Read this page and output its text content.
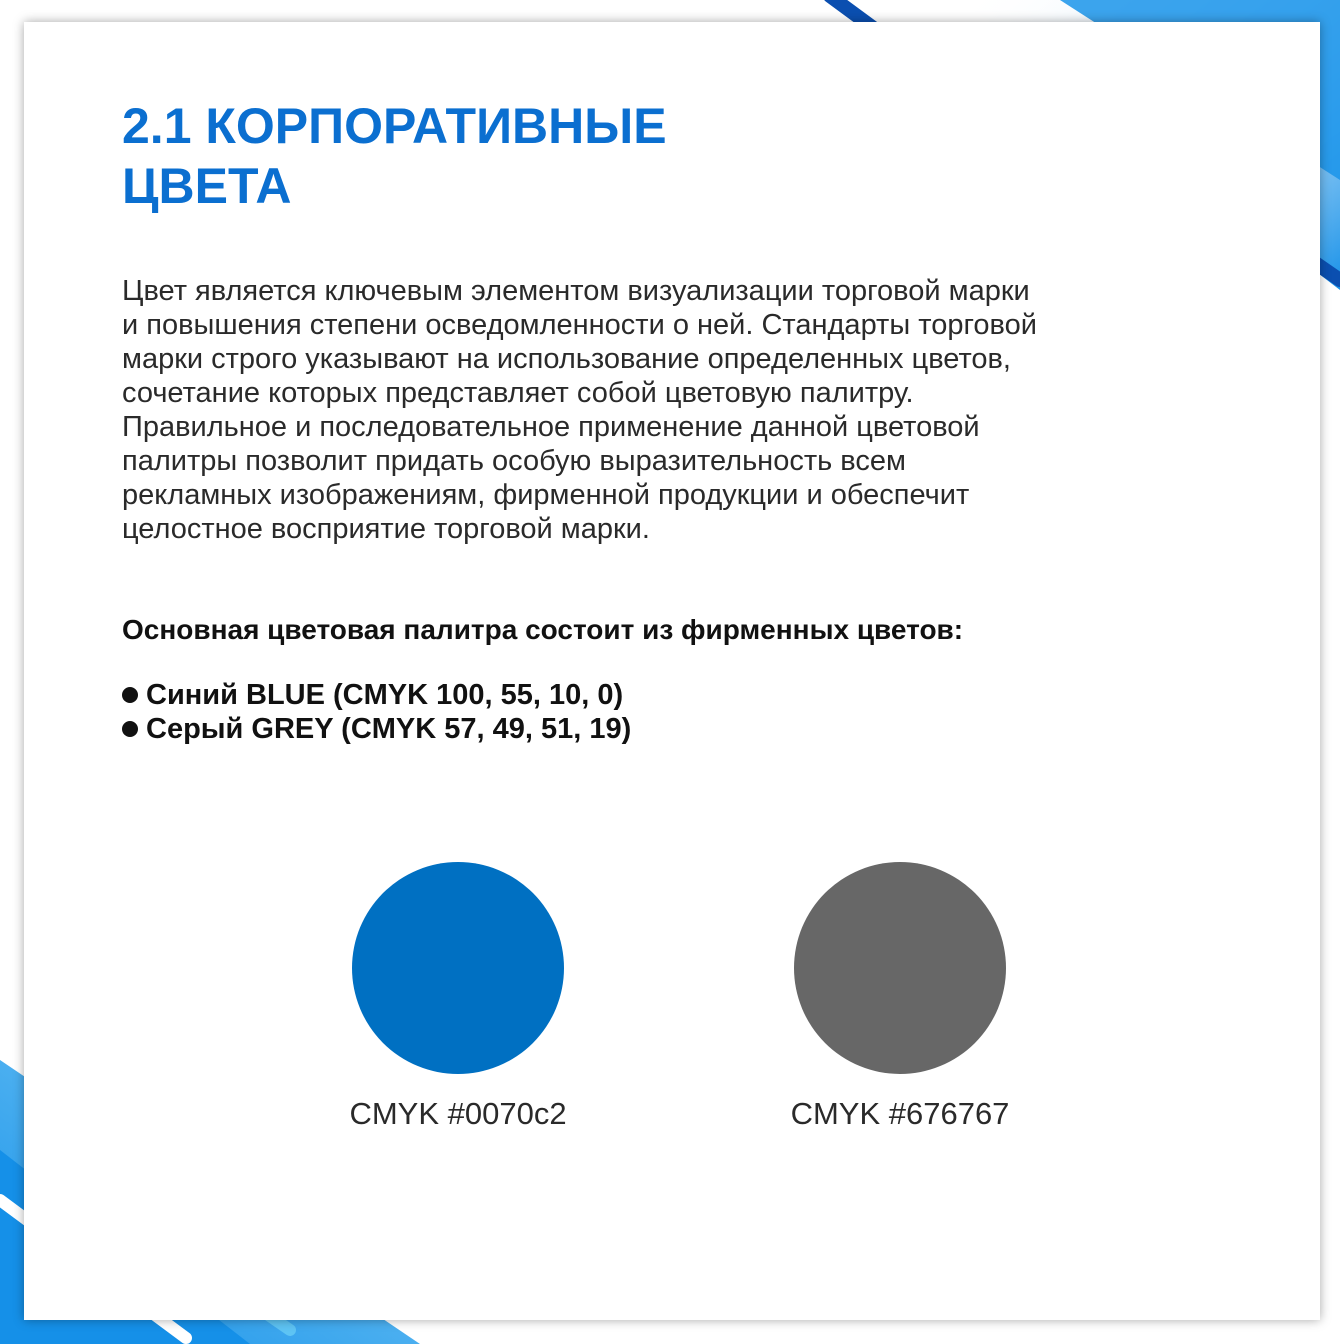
2.1 КОРПОРАТИВНЫЕ
ЦВЕТА

Цвет является ключевым элементом визуализации торговой марки
и повышения степени осведомленности о ней. Стандарты торговой
марки строго указывают на использование определенных цветов,
сочетание которых представляет собой цветовую палитру.
Правильное и последовательное применение данной цветовой
палитры позволит придать особую выразительность всем
рекламных изображениям, фирменной продукции и обеспечит
целостное восприятие торговой марки.

Основная цветовая палитра состоит из фирменных цветов:

Синий BLUE (CMYK 100, 55, 10, 0)
Серый GREY (CMYK 57, 49, 51, 19)
CMYK #0070c2	CMYK #676767
